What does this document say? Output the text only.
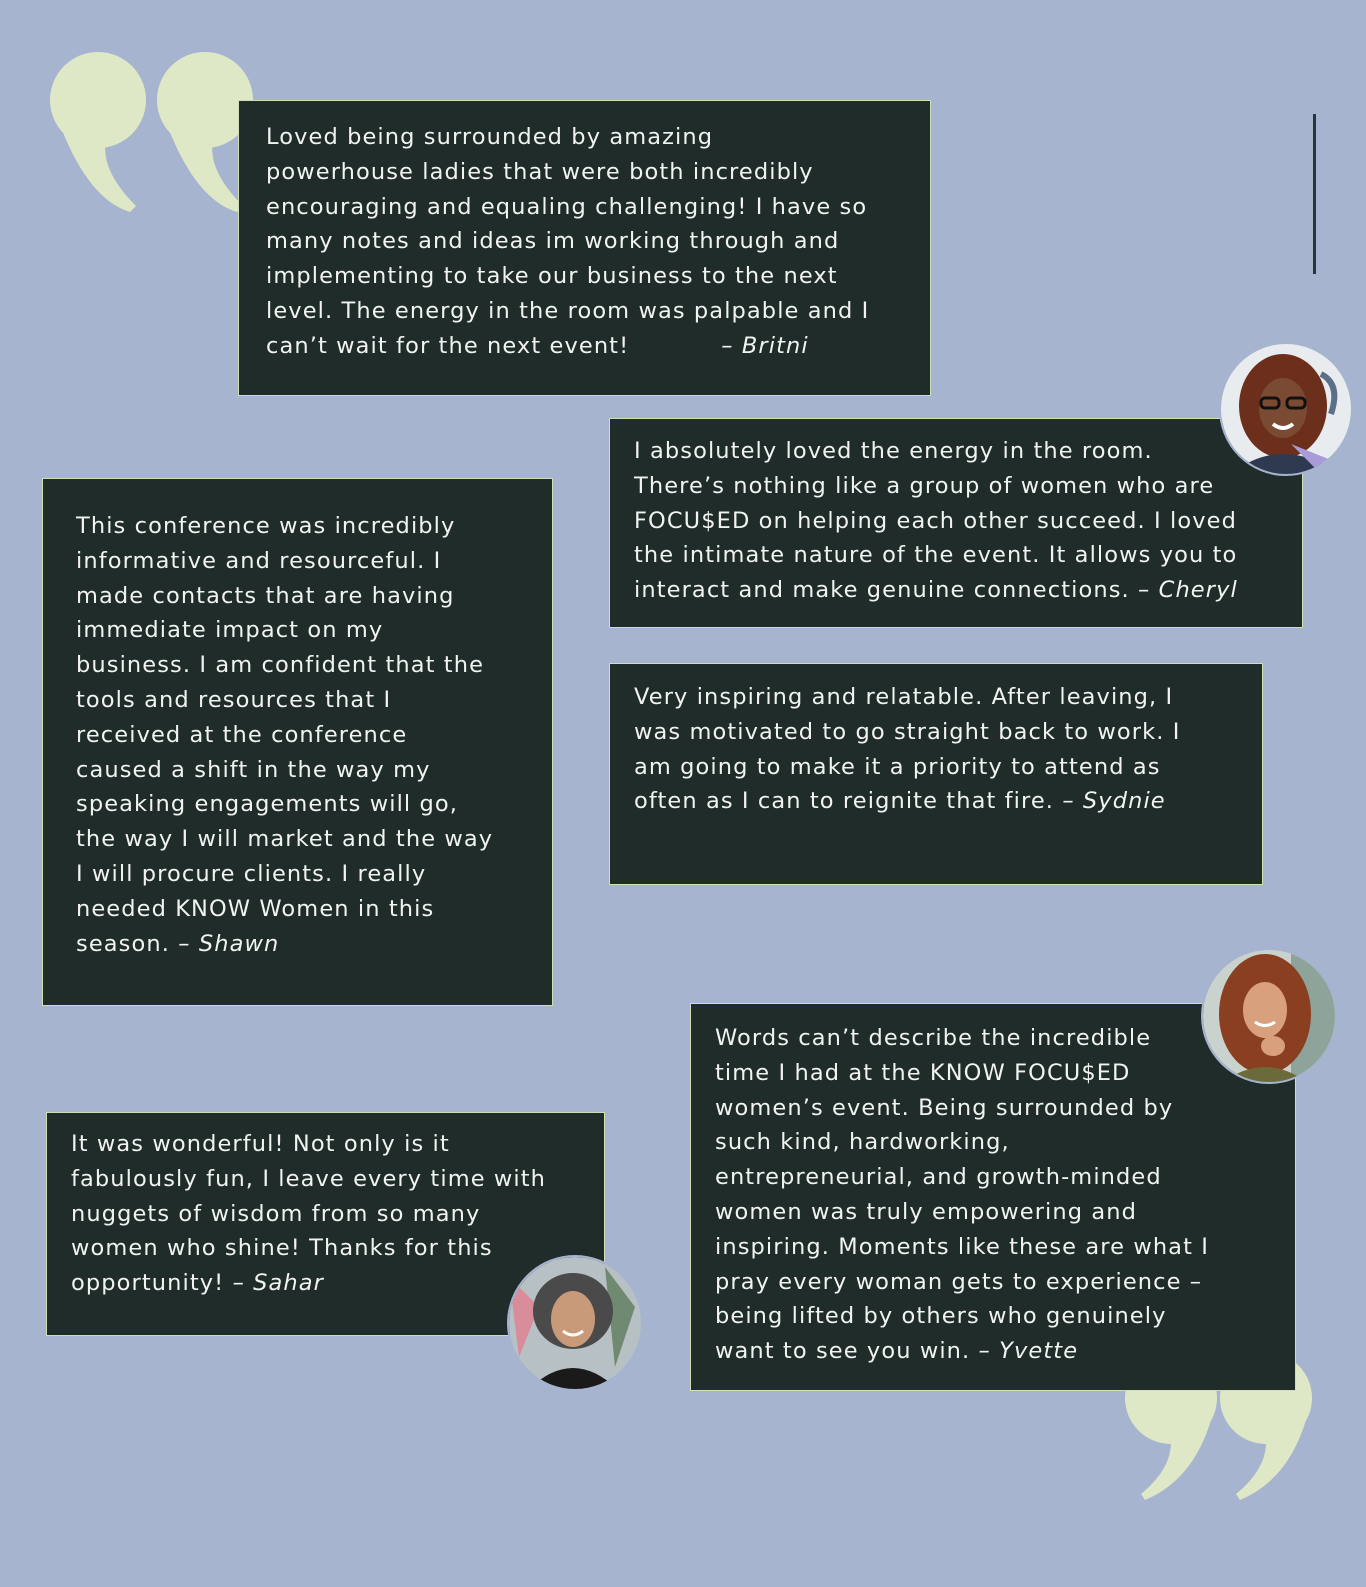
Loved being surrounded by amazing
powerhouse ladies that were both incredibly
encouraging and equaling challenging! I have so
many notes and ideas im working through and
implementing to take our business to the next
level. The energy in the room was palpable and I
can’t wait for the next event!	– Britni
I absolutely loved the energy in the room.
There’s nothing like a group of women who are
FOCU$ED on helping each other succeed. I loved
the intimate nature of the event. It allows you to
interact and make genuine connections. – Cheryl
This conference was incredibly
informative and resourceful. I
made contacts that are having
immediate impact on my
business. I am confident that the
tools and resources that I
received at the conference
caused a shift in the way my
speaking engagements will go,
the way I will market and the way
I will procure clients. I really
needed KNOW Women in this
season. – Shawn
Very inspiring and relatable. After leaving, I
was motivated to go straight back to work. I
am going to make it a priority to attend as
often as I can to reignite that fire. – Sydnie
Words can’t describe the incredible
time I had at the KNOW FOCU$ED
women’s event. Being surrounded by
such kind, hardworking,
entrepreneurial, and growth-minded
women was truly empowering and
inspiring. Moments like these are what I
pray every woman gets to experience –
being lifted by others who genuinely
want to see you win. – Yvette
It was wonderful! Not only is it
fabulously fun, I leave every time with
nuggets of wisdom from so many
women who shine! Thanks for this
opportunity! – Sahar
